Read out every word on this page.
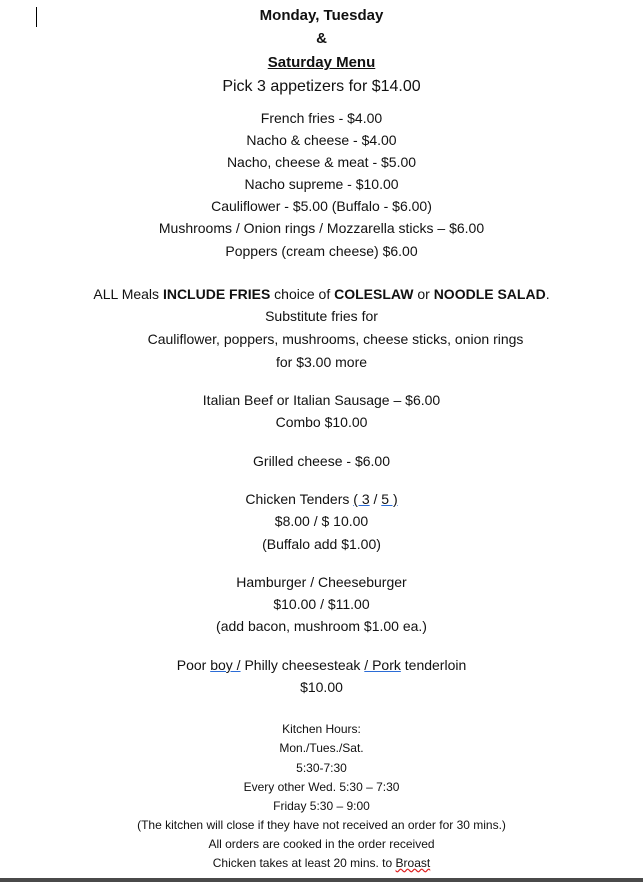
Monday, Tuesday
&
Saturday Menu
Pick 3 appetizers for $14.00
French fries - $4.00
Nacho & cheese - $4.00
Nacho, cheese & meat - $5.00
Nacho supreme - $10.00
Cauliflower - $5.00 (Buffalo - $6.00)
Mushrooms / Onion rings / Mozzarella sticks – $6.00
Poppers (cream cheese) $6.00
ALL Meals INCLUDE FRIES choice of COLESLAW or NOODLE SALAD.
Substitute fries for
Cauliflower, poppers, mushrooms, cheese sticks, onion rings
for $3.00 more
Italian Beef or Italian Sausage – $6.00
Combo $10.00
Grilled cheese - $6.00
Chicken Tenders ( 3 / 5 )
$8.00 / $ 10.00
(Buffalo add $1.00)
Hamburger / Cheeseburger
$10.00 / $11.00
(add bacon, mushroom $1.00 ea.)
Poor boy / Philly cheesesteak / Pork tenderloin
$10.00
Kitchen Hours:
Mon./Tues./Sat.
5:30-7:30
Every other Wed. 5:30 – 7:30
Friday 5:30 – 9:00
(The kitchen will close if they have not received an order for 30 mins.)
All orders are cooked in the order received
Chicken takes at least 20 mins. to Broast
